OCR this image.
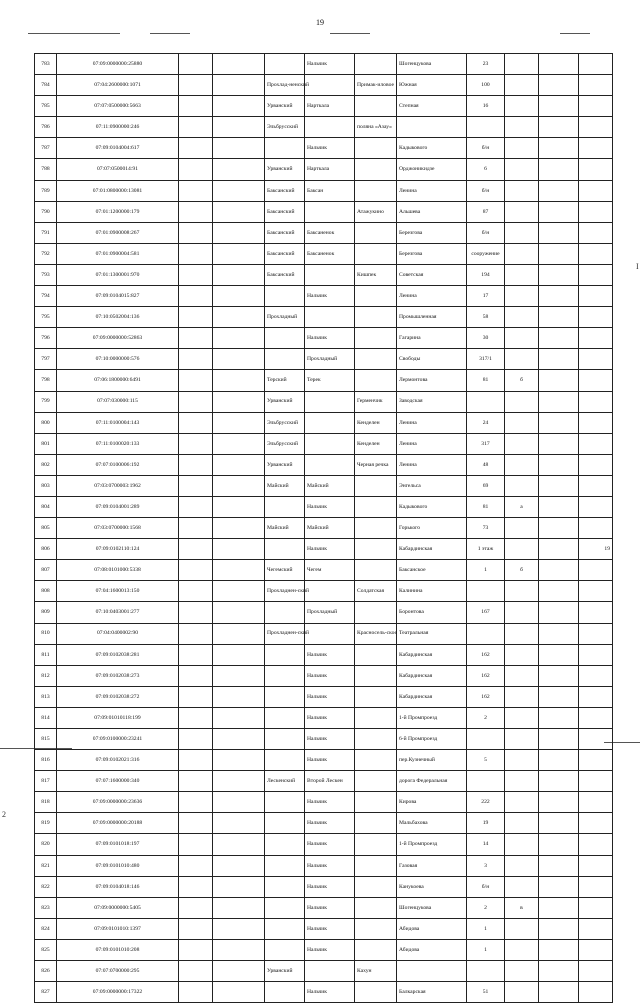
19
I
2
783	07:09:0000000:25880				Нальчик		Шогенцукова	23			
784	07:04:2600000:1071			Прохлад-ненский		Примак-иловое	Южная	100			
785	07:07:0500000:5663			Урванский	Нарткала		Степная	16			
786	07:11:0900000:246			Эльбрусский		поляна «Азау»					
787	07:09:0104004:617				Нальчик		Кадыкового	б/н			
788	07:07:0500014:91			Урванский	Нарткала		Орджоникидзе	6			
789	07:01:0800000:13081			Баксанский	Баксан		Ленина	б/н			
790	07:01:1200000:179			Баксанский		Атажукино	Альшева	87			
791	07:01:0900008:267			Баксанский	Баксаненок		Березгова	б/н			
792	07:01:0900004:581			Баксанский	Баксаненок		Березгова	сооружение			
793	07:01:1300001:970			Баксанский		Кишпек	Советская	194			
794	07:09:0104015:827				Нальчик		Ленина	17			
795	07:10:0502004:136			Прохладный			Промышленная	58			
796	07:09:0000000:52863				Нальчик		Гагарина	30			
797	07:10:0000000:576				Прохладный		Свободы	317/1			
798	07:06:1800000:6491			Терский	Терек		Лермонтова	81	б		
799	07:07:030000:115			Урванский		Герменчик	Заводская				
800	07:11:0100004:143			Эльбрусский		Кенделен	Ленина	24			
801	07:11:0100020:133			Эльбрусский		Кенделен	Ленина	317			
802	07:07:0100006:192			Урванский		Черная речка	Ленина	48			
803	07:03:0700003:1962			Майский	Майский		Энгельса	69			
804	07:09:0104001:289				Нальчик		Кадыкового	81	а		
805	07:03:0700000:1568			Майский	Майский		Горького	73			
806	07:09:0102110:124				Нальчик		Кабардинская	1 этаж			19
807	07:08:0101000:5338			Чегемский	Чегем		Баксанское	1	б		
808	07:04:1600013:150			Прохладнен-ский		Солдатская	Калинина				
809	07:10:0403001:277				Прохладный		Боронтова	167			
810	07:04:0400002:90			Прохладнен-ский		Красносель-ское	Театральная				
811	07:09:0102038:281				Нальчик		Кабардинская	162			
812	07:09:0102038:273				Нальчик		Кабардинская	162			
813	07:09:0102038:272				Нальчик		Кабардинская	162			
814	07:09:01010118:199				Нальчик		1-й Промпроезд	2			
815	07:09:0100000:23241				Нальчик		6-й Промпроезд				
816	07:09:0102021:316				Нальчик		пер.Кузнечный	5			
817	07:07:1600000:340			Лескенский	Второй Лескен		дорога Федеральная				
818	07:09:0000000:23636				Нальчик		Кирова	222			
819	07:09:0000000:20188				Нальчик		Мальбахова	19			
820	07:09:0101018:197				Нальчик		1-й Промпроезд	14			
821	07:09:0101010:480				Нальчик		Газовая	3			
822	07:09:0104018:146				Нальчик		Канукоева	б/н			
823	07:09:0000000:5405				Нальчик		Шогенцукова	2	в		
824	07:09:0101010:1397				Нальчик		Абидова	1			
825	07:09:0101010:208				Нальчик		Абидова	1			
826	07:07:0700000:295			Урванский		Кахун					
827	07:09:0000000:17322				Нальчик		Балкарская	51			
